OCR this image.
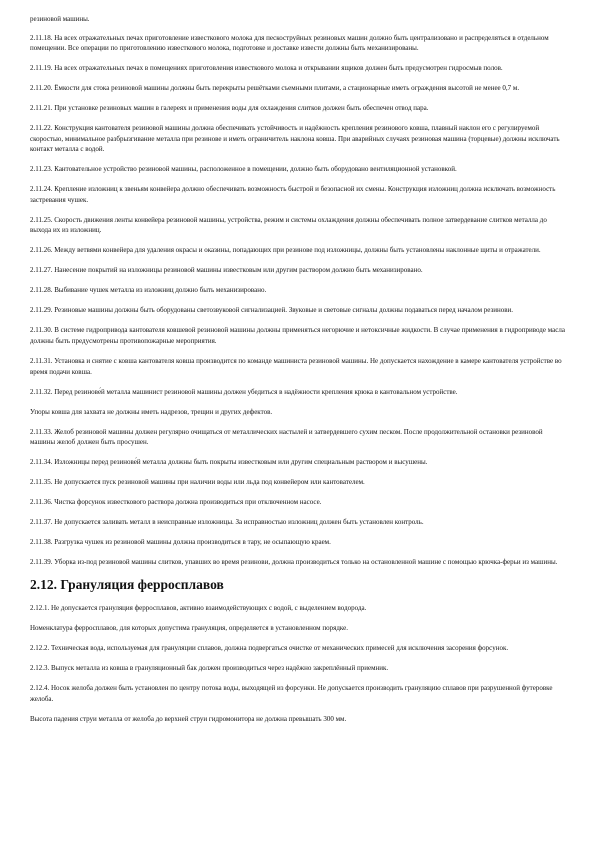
резиновой машины.

2.11.18. На всех отражательных печах приготовление известкового молока для пескоструйных резиновых машин должно быть централизовано и распределяться в отдельном помещении. Все операции по приготовлению известкового молока, подготовке и доставке извести должны быть механизированы.

2.11.19. На всех отражательных печах в помещениях приготовления известкового молока и открывании ящиков должен быть предусмотрен гидросмыв полов.

2.11.20. Ёмкости для стока резиновой машины должны быть перекрыты решётками съемными плитами, а стационарные иметь ограждения высотой не менее 0,7 м.

2.11.21. При установке резиновых машин в галереях и применения воды для охлаждения слитков должен быть обеспечен отвод пара.

2.11.22. Конструкция кантователя резиновой машины должна обеспечивать устойчивость и надёжность крепления резинового ковша, плавный наклон его с регулируемой скоростью, минимальное разбрызгивание металла при резинове и иметь ограничитель наклона ковша. При аварийных случаях резиновая машина (торцевые) должны исключать контакт металла с водой.

2.11.23. Кантовательное устройство резиновой машины, расположенное в помещении, должно быть оборудовано вентиляционной установкой.

2.11.24. Крепление изложниц к звеньям конвейера должно обеспечивать возможность быстрой и безопасной их смены. Конструкция изложниц должна исключать возможность застревания чушек.

2.11.25. Скорость движения ленты конвейера резиновой машины, устройства, режим и системы охлаждения должны обеспечивать полное затвердевание слитков металла до выхода их из изложниц.

2.11.26. Между ветвями конвейера для удаления окрасы и оказины, попадающих при резинове под изложницы, должны быть установлены наклонные щиты и отражатели.

2.11.27. Нанесение покрытий на изложницы резиновой машины известковым или другим раствором должно быть механизировано.

2.11.28. Выбивание чушек металла из изложниц должно быть механизировано.

2.11.29. Резиновые машины должны быть оборудованы светозвуковой сигнализацией. Звуковые и световые сигналы должны подаваться перед началом резинови.

2.11.30. В системе гидропривода кантователя ковшевой резиновой машины должны применяться негорючие и нетоксичные жидкости. В случае применения в гидроприводе масла должны быть предусмотрены противопожарные мероприятия.

2.11.31. Установка и снятие с ковша кантователя ковша производится по команде машиниста резиновой машины. Не допускается нахождение в камере кантователя устройстве во время подачи ковша.

2.11.32. Перед резинове́й металла машинист резиновой машины должен убедиться в надёжности крепления крюка в кантовальном устройстве.

Упоры ковша для захвата не должны иметь надрезов, трещин и других дефектов.

2.11.33. Желоб резиновой машины должен регулярно очищаться от металлических настылей и затвердевшего сухим песком. После продолжительной остановки резиновой машины желоб должен быть просушен.

2.11.34. Изложницы перед резинове́й металла должны быть покрыты известковым или другим специальным раствором и высушены.

2.11.35. Не допускается пуск резиновой машины при наличии воды или льда под конвейером или кантователем.

2.11.36. Чистка форсунок известкового раствора должна производиться при отключенном насосе.

2.11.37. Не допускается заливать металл в неисправные изложницы. За исправностью изложниц должен быть установлен контроль.

2.11.38. Разгрузка чушек из резиновой машины должна производиться в тару, не осыпающую краем.

2.11.39. Уборка из-под резиновой машины слитков, упавших во время резинови, должна производиться только на остановленной машине с помощью крючка-ферьи из машины.

2.12. Грануляция ферросплавов

2.12.1. Не допускается грануляция ферросплавов, активно взаимодействующих с водой, с выделением водорода.

Номенклатура ферросплавов, для которых допустима грануляция, определяется в установленном порядке.

2.12.2. Техническая вода, используемая для грануляции сплавов, должна подвергаться очистке от механических примесей для исключения засорения форсунок.

2.12.3. Выпуск металла из ковша в грануляционный бак должен производиться через надёжно закреплённый приемник.

2.12.4. Носок желоба должен быть установлен по центру потока воды, выходящей из форсунки. Не допускается производить грануляцию сплавов при разрушенной футеровке желоба.

Высота падения струи металла от желоба до верхней струи гидромонитора не должна превышать 300 мм.
